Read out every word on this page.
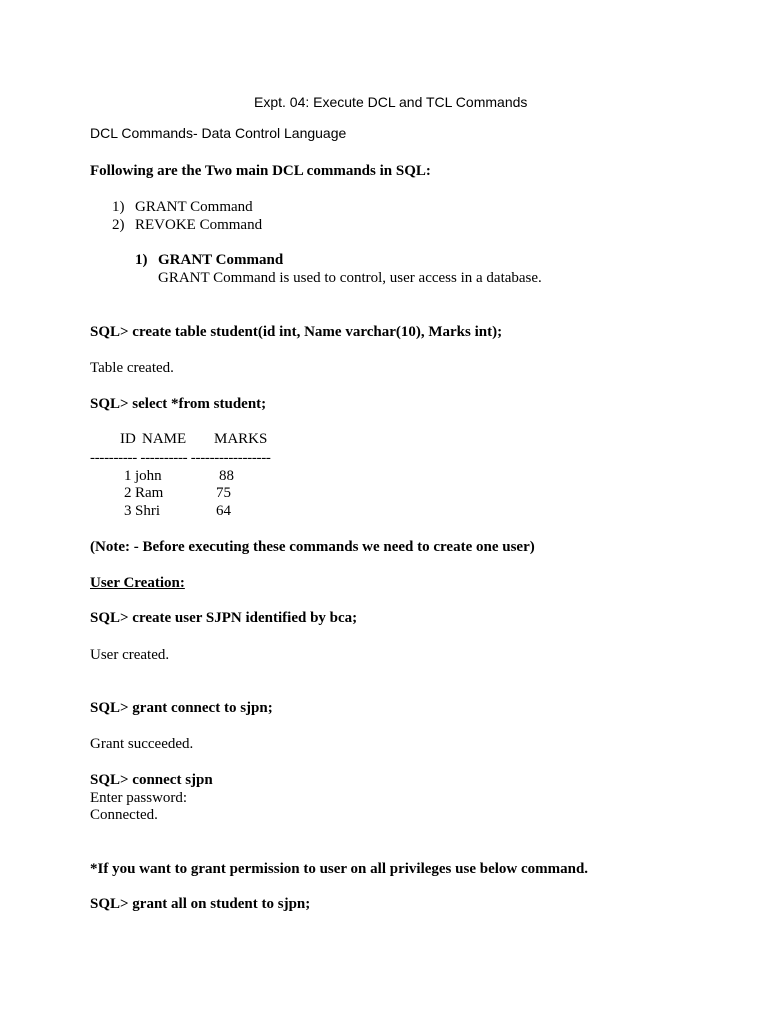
Expt. 04: Execute DCL and TCL Commands
DCL Commands- Data Control Language
Following are the Two main DCL commands in SQL:
1) GRANT Command
2) REVOKE Command
1) GRANT Command
GRANT Command is used to control, user access in a database.
SQL> create table student(id int, Name varchar(10), Marks int);
Table created.
SQL> select *from student;
ID NAME MARKS
---------- ---------- -----------------
1 john	88
2 Ram	75
3 Shri	64
(Note: - Before executing these commands we need to create one user)
User Creation:
SQL> create user SJPN identified by bca;
User created.
SQL> grant connect to sjpn;
Grant succeeded.
SQL> connect sjpn
Enter password:
Connected.
*If you want to grant permission to user on all privileges use below command.
SQL> grant all on student to sjpn;
